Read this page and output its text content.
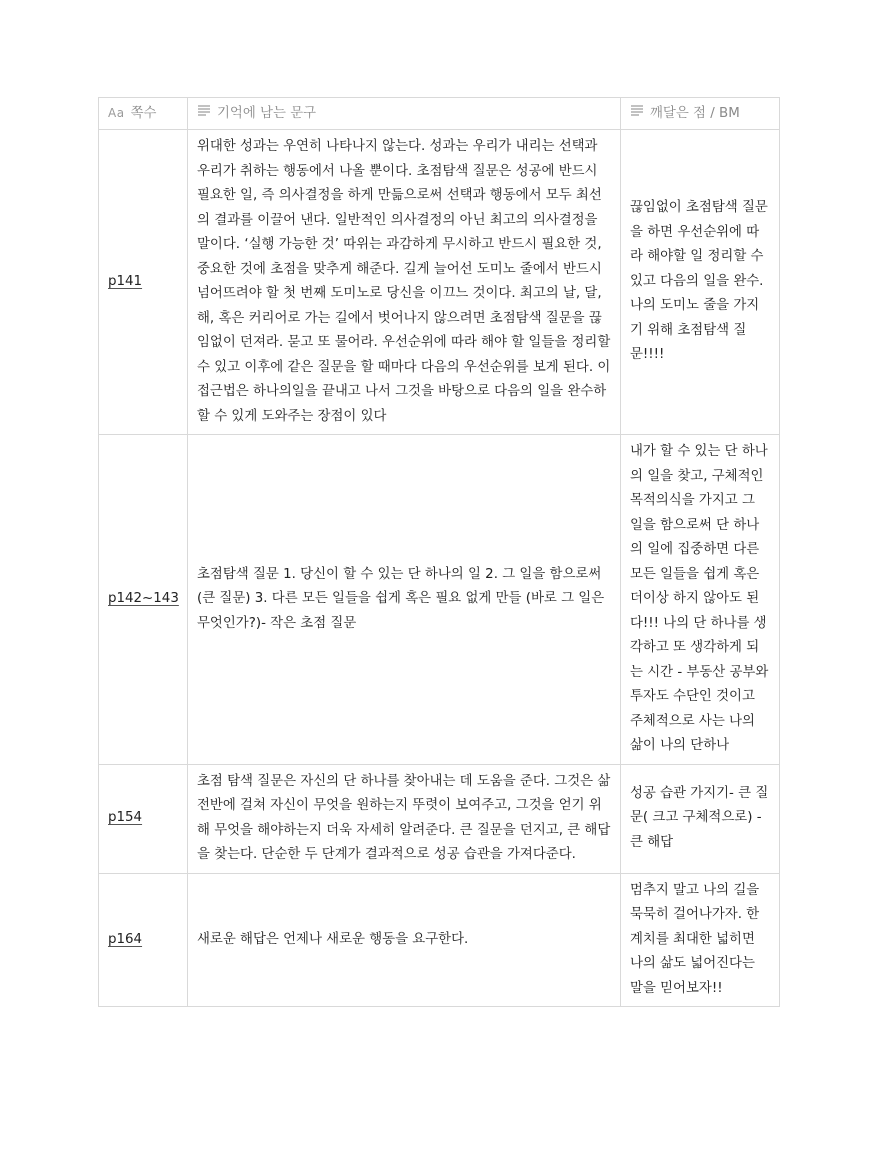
Aa 쪽수	기억에 남는 문구	깨달은 점 / BM
p141	위대한 성과는 우연히 나타나지 않는다. 성과는 우리가 내리는 선택과 우리가 취하는 행동에서 나올 뿐이다. 초점탐색 질문은 성공에 반드시 필요한 일, 즉 의사결정을 하게 만듦으로써 선택과 행동에서 모두 최선의 결과를 이끌어 낸다. 일반적인 의사결정의 아닌 최고의 의사결정을 말이다. ‘실행 가능한 것’ 따위는 과감하게 무시하고 반드시 필요한 것, 중요한 것에 초점을 맞추게 해준다. 길게 늘어선 도미노 줄에서 반드시 넘어뜨려야 할 첫 번째 도미노로 당신을 이끄느 것이다. 최고의 날, 달, 해, 혹은 커리어로 가는 길에서 벗어나지 않으려면 초점탐색 질문을 끊임없이 던져라. 묻고 또 물어라. 우선순위에 따라 해야 할 일들을 정리할 수 있고 이후에 같은 질문을 할 때마다 다음의 우선순위를 보게 된다. 이 접근법은 하나의일을 끝내고 나서 그것을 바탕으로 다음의 일을 완수하 할 수 있게 도와주는 장점이 있다	끊임없이 초점탐색 질문을 하면 우선순위에 따라 해야할 일 정리할 수 있고 다음의 일을 완수. 나의 도미노 줄을 가지기 위해 초점탐색 질문!!!!
p142~143	초점탐색 질문 1. 당신이 할 수 있는 단 하나의 일 2. 그 일을 함으로써 (큰 질문) 3. 다른 모든 일들을 쉽게 혹은 필요 없게 만들 (바로 그 일은 무엇인가?)- 작은 초점 질문	내가 할 수 있는 단 하나의 일을 찾고, 구체적인 목적의식을 가지고 그 일을 함으로써 단 하나의 일에 집중하면 다른 모든 일들을 쉽게 혹은 더이상 하지 않아도 된다!!! 나의 단 하나를 생각하고 또 생각하게 되는 시간 - 부동산 공부와 투자도 수단인 것이고 주체적으로 사는 나의 삶이 나의 단하나
p154	초점 탐색 질문은 자신의 단 하나를 찾아내는 데 도움을 준다. 그것은 삶 전반에 걸쳐 자신이 무엇을 원하는지 뚜렷이 보여주고, 그것을 얻기 위해 무엇을 해야하는지 더욱 자세히 알려준다. 큰 질문을 던지고, 큰 해답을 찾는다. 단순한 두 단계가 결과적으로 성공 습관을 가져다준다.	성공 습관 가지기- 큰 질문( 크고 구체적으로) - 큰 해답
p164	새로운 해답은 언제나 새로운 행동을 요구한다.	멈추지 말고 나의 길을 묵묵히 걸어나가자. 한계치를 최대한 넓히면 나의 삶도 넓어진다는 말을 믿어보자!!
